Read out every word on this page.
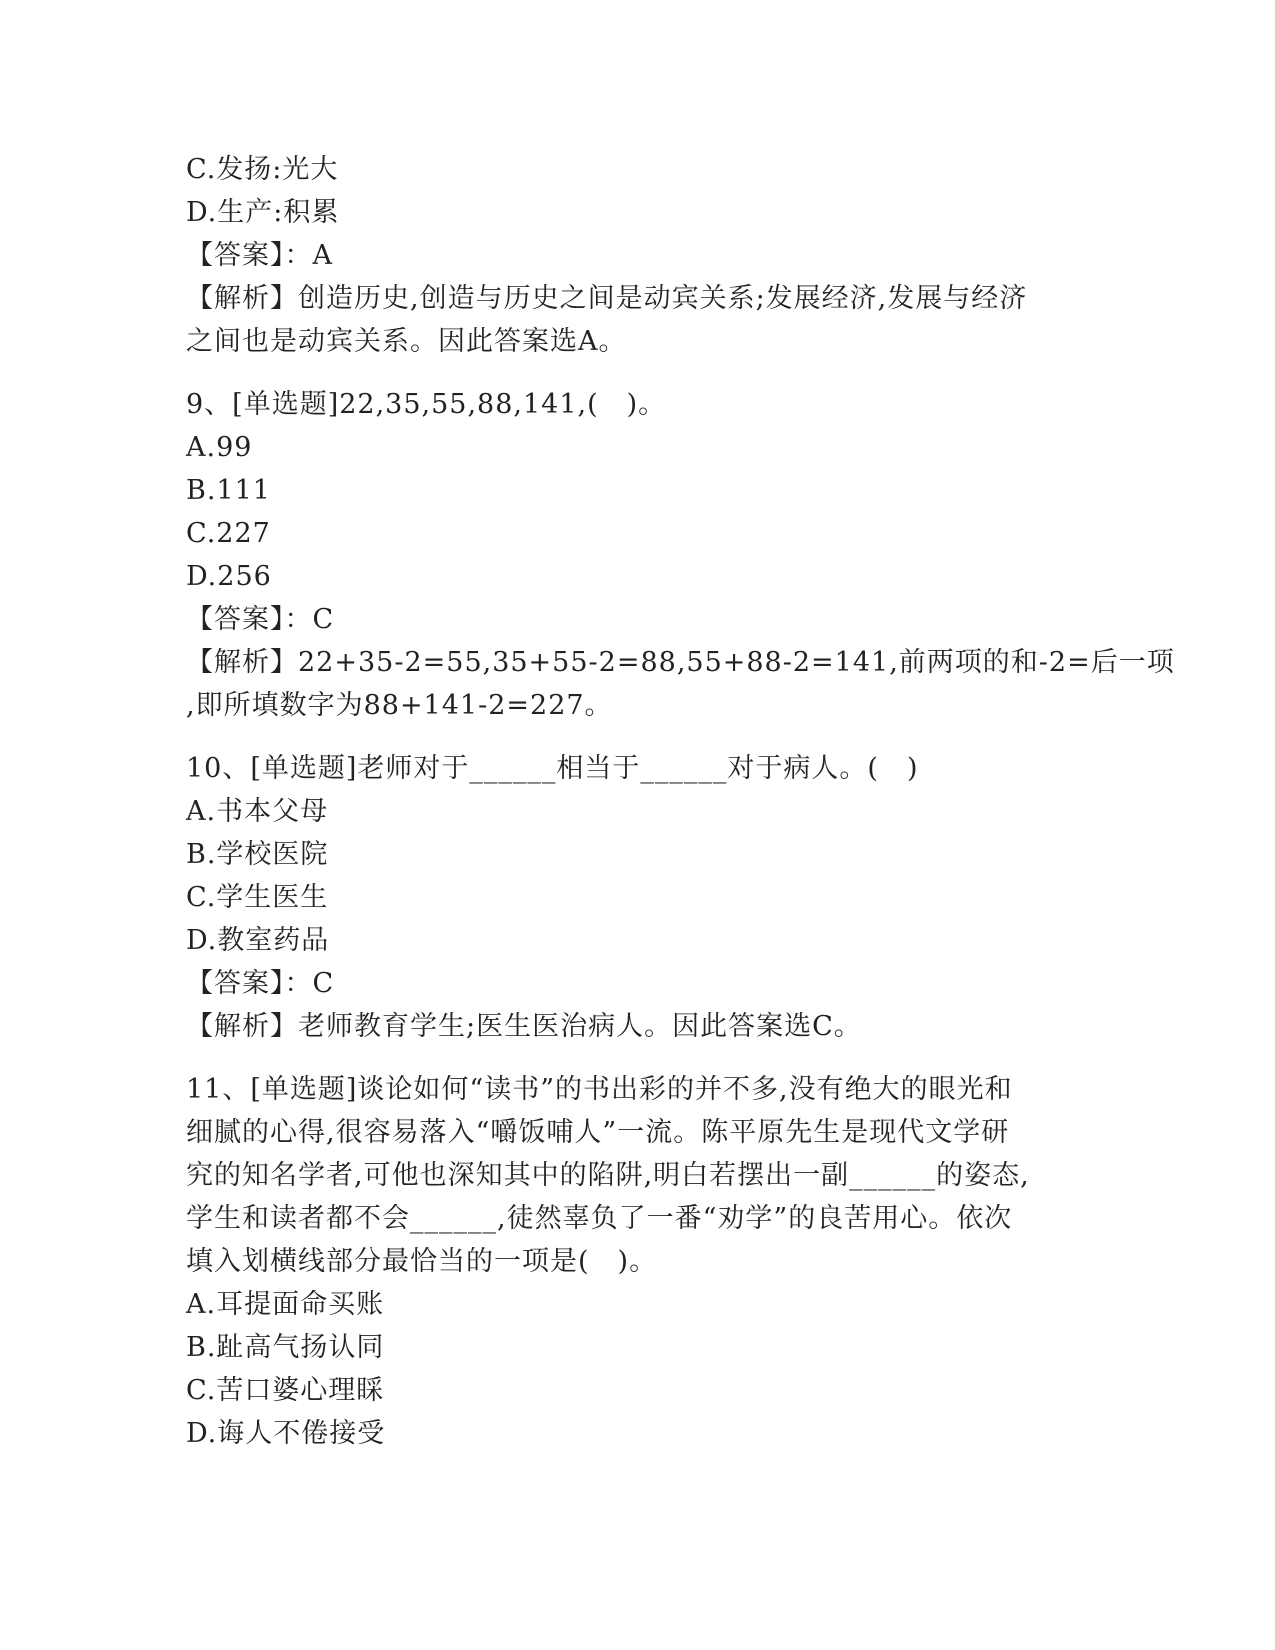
C.发扬:光大
D.生产:积累
【答案】：A
【解析】创造历史,创造与历史之间是动宾关系;发展经济,发展与经济
之间也是动宾关系。因此答案选A。
9、[单选题]22,35,55,88,141,(　)。
A.99
B.111
C.227
D.256
【答案】：C
【解析】22+35-2=55,35+55-2=88,55+88-2=141,前两项的和-2=后一项
,即所填数字为88+141-2=227。
10、[单选题]老师对于______相当于______对于病人。(　)
A.书本父母
B.学校医院
C.学生医生
D.教室药品
【答案】：C
【解析】老师教育学生;医生医治病人。因此答案选C。
11、[单选题]谈论如何“读书”的书出彩的并不多,没有绝大的眼光和
细腻的心得,很容易落入“嚼饭哺人”一流。陈平原先生是现代文学研
究的知名学者,可他也深知其中的陷阱,明白若摆出一副______的姿态,
学生和读者都不会______,徒然辜负了一番“劝学”的良苦用心。依次
填入划横线部分最恰当的一项是(　)。
A.耳提面命买账
B.趾高气扬认同
C.苦口婆心理睬
D.诲人不倦接受
